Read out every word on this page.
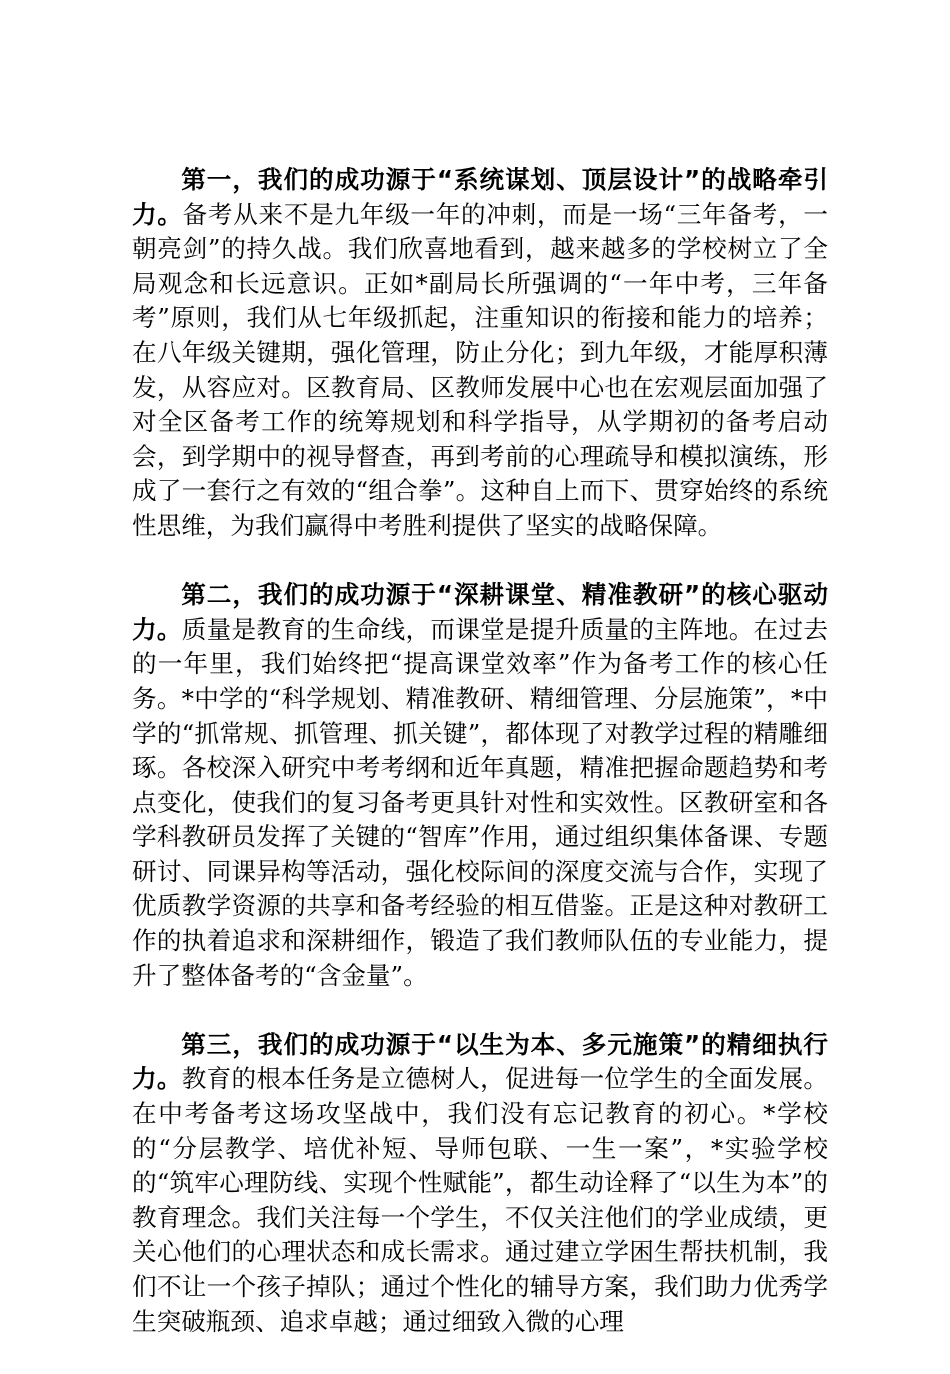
第一，我们的成功源于“系统谋划、顶层设计”的战略牵引力。备考从来不是九年级一年的冲刺，而是一场“三年备考，一朝亮剑”的持久战。我们欣喜地看到，越来越多的学校树立了全局观念和长远意识。正如*副局长所强调的“一年中考，三年备考”原则，我们从七年级抓起，注重知识的衔接和能力的培养；在八年级关键期，强化管理，防止分化；到九年级，才能厚积薄发，从容应对。区教育局、区教师发展中心也在宏观层面加强了对全区备考工作的统筹规划和科学指导，从学期初的备考启动会，到学期中的视导督查，再到考前的心理疏导和模拟演练，形成了一套行之有效的“组合拳”。这种自上而下、贯穿始终的系统性思维，为我们赢得中考胜利提供了坚实的战略保障。

第二，我们的成功源于“深耕课堂、精准教研”的核心驱动力。质量是教育的生命线，而课堂是提升质量的主阵地。在过去的一年里，我们始终把“提高课堂效率”作为备考工作的核心任务。*中学的“科学规划、精准教研、精细管理、分层施策”，*中学的“抓常规、抓管理、抓关键”，都体现了对教学过程的精雕细琢。各校深入研究中考考纲和近年真题，精准把握命题趋势和考点变化，使我们的复习备考更具针对性和实效性。区教研室和各学科教研员发挥了关键的“智库”作用，通过组织集体备课、专题研讨、同课异构等活动，强化校际间的深度交流与合作，实现了优质教学资源的共享和备考经验的相互借鉴。正是这种对教研工作的执着追求和深耕细作，锻造了我们教师队伍的专业能力，提升了整体备考的“含金量”。

第三，我们的成功源于“以生为本、多元施策”的精细执行力。教育的根本任务是立德树人，促进每一位学生的全面发展。在中考备考这场攻坚战中，我们没有忘记教育的初心。*学校的“分层教学、培优补短、导师包联、一生一案”，*实验学校的“筑牢心理防线、实现个性赋能”，都生动诠释了“以生为本”的教育理念。我们关注每一个学生，不仅关注他们的学业成绩，更关心他们的心理状态和成长需求。通过建立学困生帮扶机制，我们不让一个孩子掉队；通过个性化的辅导方案，我们助力优秀学生突破瓶颈、追求卓越；通过细致入微的心理
